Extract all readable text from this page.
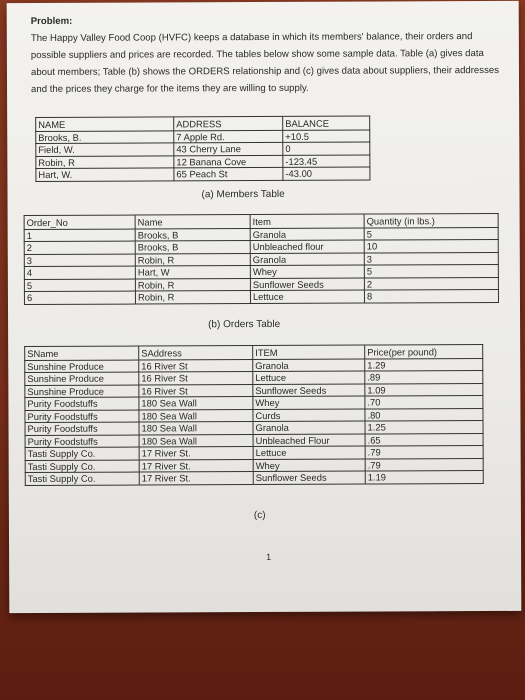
Problem:
The Happy Valley Food Coop (HVFC) keeps a database in which its members' balance, their orders and possible suppliers and prices are recorded. The tables below show some sample data. Table (a) gives data about members; Table (b) shows the ORDERS relationship and (c) gives data about suppliers, their addresses and the prices they charge for the items they are willing to supply.
NAME	ADDRESS	BALANCE
Brooks, B.	7 Apple Rd.	+10.5
Field, W.	43 Cherry Lane	0
Robin, R	12 Banana Cove	-123.45
Hart, W.	65 Peach St	-43.00
(a) Members Table
Order_No	Name	Item	Quantity (in lbs.)
1	Brooks, B	Granola	5
2	Brooks, B	Unbleached flour	10
3	Robin, R	Granola	3
4	Hart, W	Whey	5
5	Robin, R	Sunflower Seeds	2
6	Robin, R	Lettuce	8
(b) Orders Table
SName	SAddress	ITEM	Price(per pound)
Sunshine Produce	16 River St	Granola	1.29
Sunshine Produce	16 River St	Lettuce	.89
Sunshine Produce	16 River St	Sunflower Seeds	1.09
Purity Foodstuffs	180 Sea Wall	Whey	.70
Purity Foodstuffs	180 Sea Wall	Curds	.80
Purity Foodstuffs	180 Sea Wall	Granola	1.25
Purity Foodstuffs	180 Sea Wall	Unbleached Flour	.65
Tasti Supply Co.	17 River St.	Lettuce	.79
Tasti Supply Co.	17 River St.	Whey	.79
Tasti Supply Co.	17 River St.	Sunflower Seeds	1.19
(c)
1
